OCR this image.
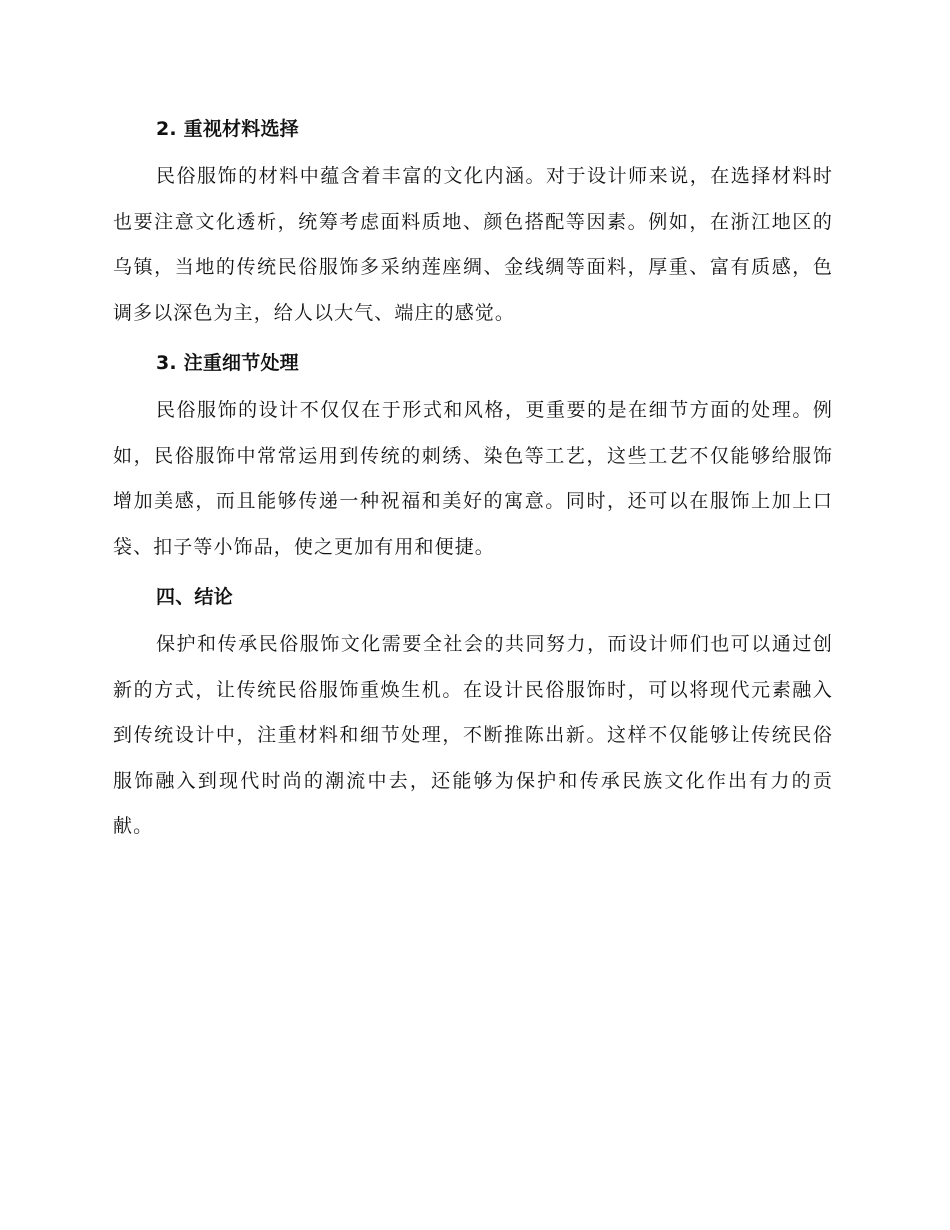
2. 重视材料选择

民俗服饰的材料中蕴含着丰富的文化内涵。对于设计师来说，在选择材料时也要注意文化透析，统筹考虑面料质地、颜色搭配等因素。例如，在浙江地区的乌镇，当地的传统民俗服饰多采纳莲座绸、金线绸等面料，厚重、富有质感，色调多以深色为主，给人以大气、端庄的感觉。

3. 注重细节处理

民俗服饰的设计不仅仅在于形式和风格，更重要的是在细节方面的处理。例如，民俗服饰中常常运用到传统的刺绣、染色等工艺，这些工艺不仅能够给服饰增加美感，而且能够传递一种祝福和美好的寓意。同时，还可以在服饰上加上口袋、扣子等小饰品，使之更加有用和便捷。

四、结论

保护和传承民俗服饰文化需要全社会的共同努力，而设计师们也可以通过创新的方式，让传统民俗服饰重焕生机。在设计民俗服饰时，可以将现代元素融入到传统设计中，注重材料和细节处理，不断推陈出新。这样不仅能够让传统民俗服饰融入到现代时尚的潮流中去，还能够为保护和传承民族文化作出有力的贡献。
